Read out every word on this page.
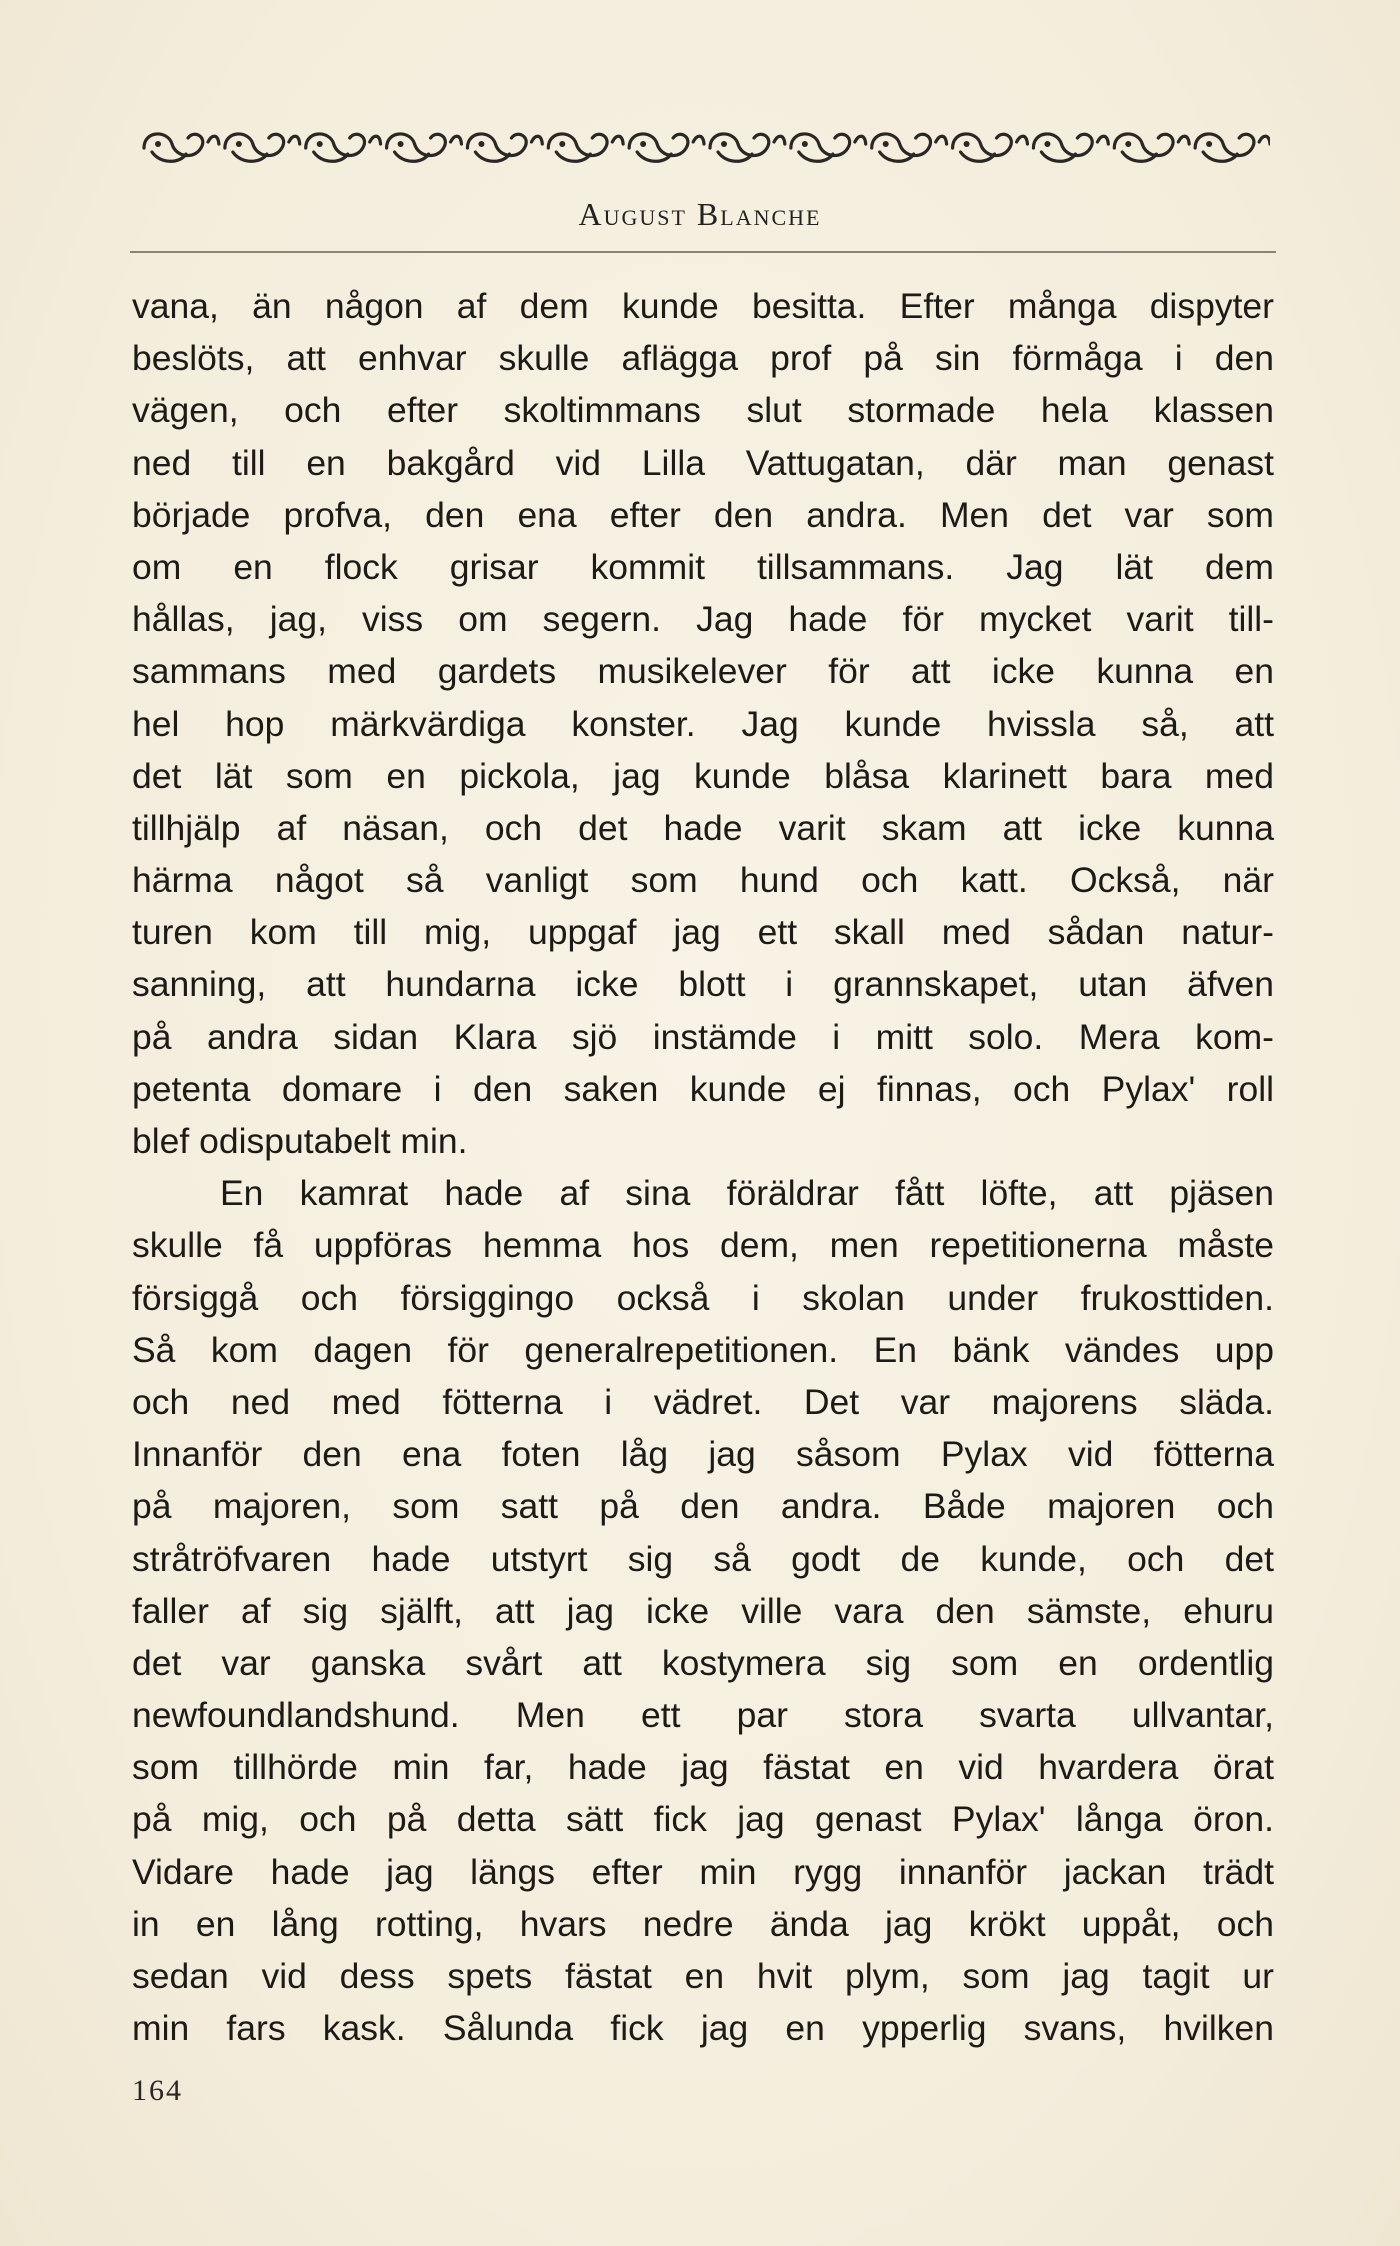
August Blanche
vana, än någon af dem kunde besitta. Efter många dispyter
beslöts, att enhvar skulle aflägga prof på sin förmåga i den
vägen, och efter skoltimmans slut stormade hela klassen
ned till en bakgård vid Lilla Vattugatan, där man genast
började profva, den ena efter den andra. Men det var som
om en flock grisar kommit tillsammans. Jag lät dem
hållas, jag, viss om segern. Jag hade för mycket varit till-
sammans med gardets musikelever för att icke kunna en
hel hop märkvärdiga konster. Jag kunde hvissla så, att
det lät som en pickola, jag kunde blåsa klarinett bara med
tillhjälp af näsan, och det hade varit skam att icke kunna
härma något så vanligt som hund och katt. Också, när
turen kom till mig, uppgaf jag ett skall med sådan natur-
sanning, att hundarna icke blott i grannskapet, utan äfven
på andra sidan Klara sjö instämde i mitt solo. Mera kom-
petenta domare i den saken kunde ej finnas, och Pylax' roll
blef odisputabelt min.
En kamrat hade af sina föräldrar fått löfte, att pjäsen
skulle få uppföras hemma hos dem, men repetitionerna måste
försiggå och försiggingo också i skolan under frukosttiden.
Så kom dagen för generalrepetitionen. En bänk vändes upp
och ned med fötterna i vädret. Det var majorens släda.
Innanför den ena foten låg jag såsom Pylax vid fötterna
på majoren, som satt på den andra. Både majoren och
stråtröfvaren hade utstyrt sig så godt de kunde, och det
faller af sig själft, att jag icke ville vara den sämste, ehuru
det var ganska svårt att kostymera sig som en ordentlig
newfoundlandshund. Men ett par stora svarta ullvantar,
som tillhörde min far, hade jag fästat en vid hvardera örat
på mig, och på detta sätt fick jag genast Pylax' långa öron.
Vidare hade jag längs efter min rygg innanför jackan trädt
in en lång rotting, hvars nedre ända jag krökt uppåt, och
sedan vid dess spets fästat en hvit plym, som jag tagit ur
min fars kask. Sålunda fick jag en ypperlig svans, hvilken
164
